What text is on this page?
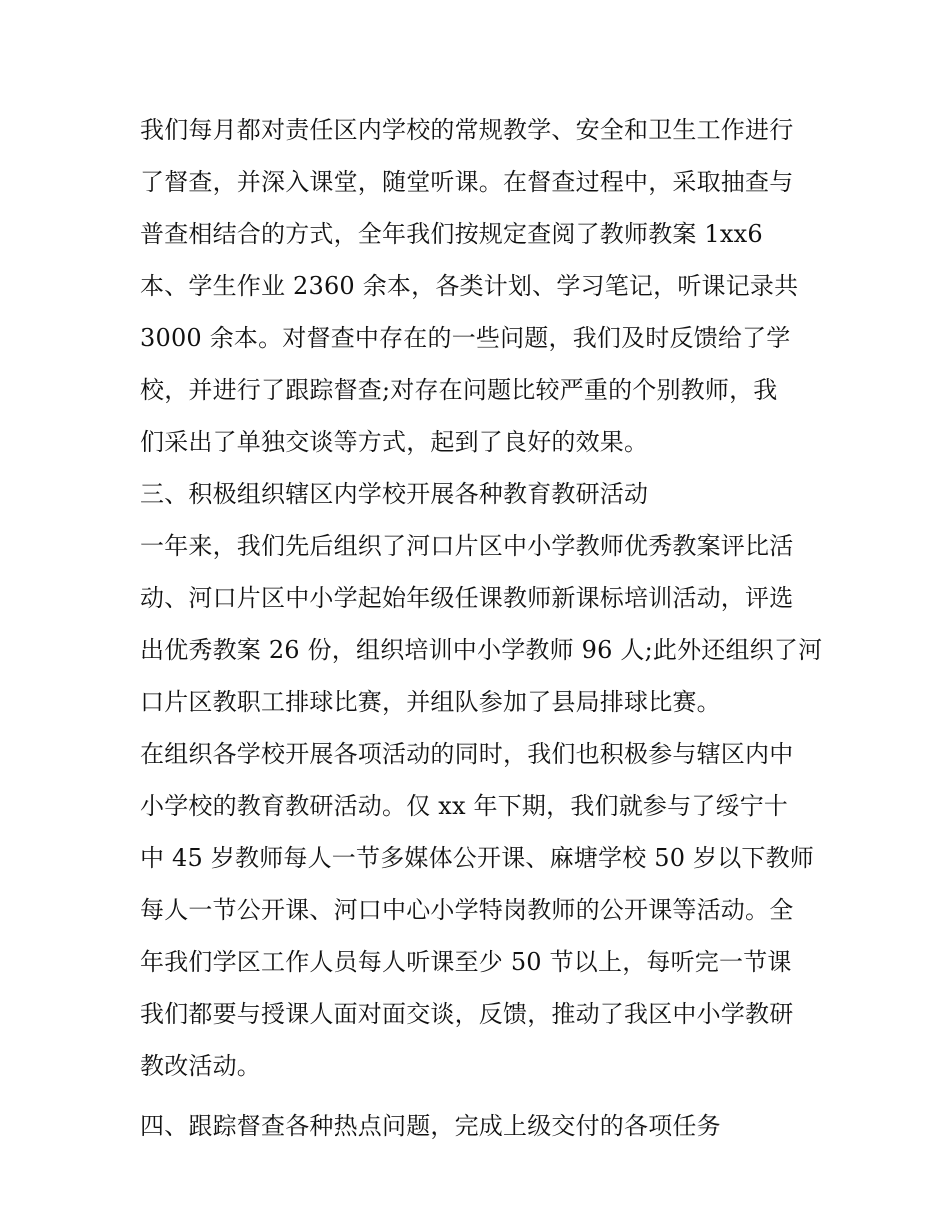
我们每月都对责任区内学校的常规教学、安全和卫生工作进行
了督查，并深入课堂，随堂听课。在督查过程中，采取抽查与
普查相结合的方式，全年我们按规定查阅了教师教案 1xx6
本、学生作业 2360 余本，各类计划、学习笔记，听课记录共
3000 余本。对督查中存在的一些问题，我们及时反馈给了学
校，并进行了跟踪督查;对存在问题比较严重的个别教师，我
们采出了单独交谈等方式，起到了良好的效果。
三、积极组织辖区内学校开展各种教育教研活动
一年来，我们先后组织了河口片区中小学教师优秀教案评比活
动、河口片区中小学起始年级任课教师新课标培训活动，评选
出优秀教案 26 份，组织培训中小学教师 96 人;此外还组织了河
口片区教职工排球比赛，并组队参加了县局排球比赛。
在组织各学校开展各项活动的同时，我们也积极参与辖区内中
小学校的教育教研活动。仅 xx 年下期，我们就参与了绥宁十
中 45 岁教师每人一节多媒体公开课、麻塘学校 50 岁以下教师
每人一节公开课、河口中心小学特岗教师的公开课等活动。全
年我们学区工作人员每人听课至少 50 节以上，每听完一节课
我们都要与授课人面对面交谈，反馈，推动了我区中小学教研
教改活动。
四、跟踪督查各种热点问题，完成上级交付的各项任务
